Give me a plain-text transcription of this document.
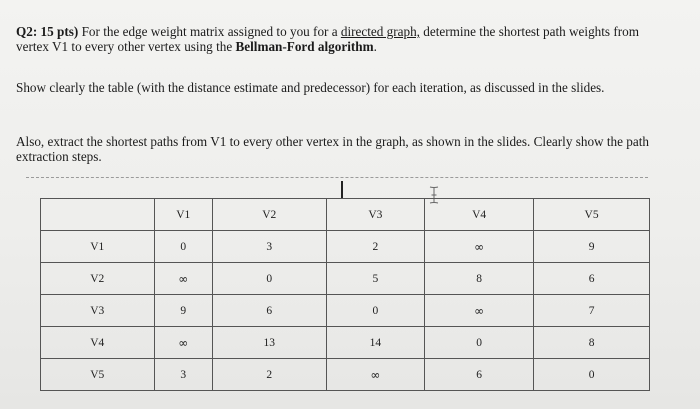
Q2: 15 pts) For the edge weight matrix assigned to you for a directed graph, determine the shortest path weights from vertex V1 to every other vertex using the Bellman-Ford algorithm.
Show clearly the table (with the distance estimate and predecessor) for each iteration, as discussed in the slides.
Also, extract the shortest paths from V1 to every other vertex in the graph, as shown in the slides. Clearly show the path extraction steps.
	V1	V2	V3	V4	V5
V1	0	3	2	∞	9
V2	∞	0	5	8	6
V3	9	6	0	∞	7
V4	∞	13	14	0	8
V5	3	2	∞	6	0
